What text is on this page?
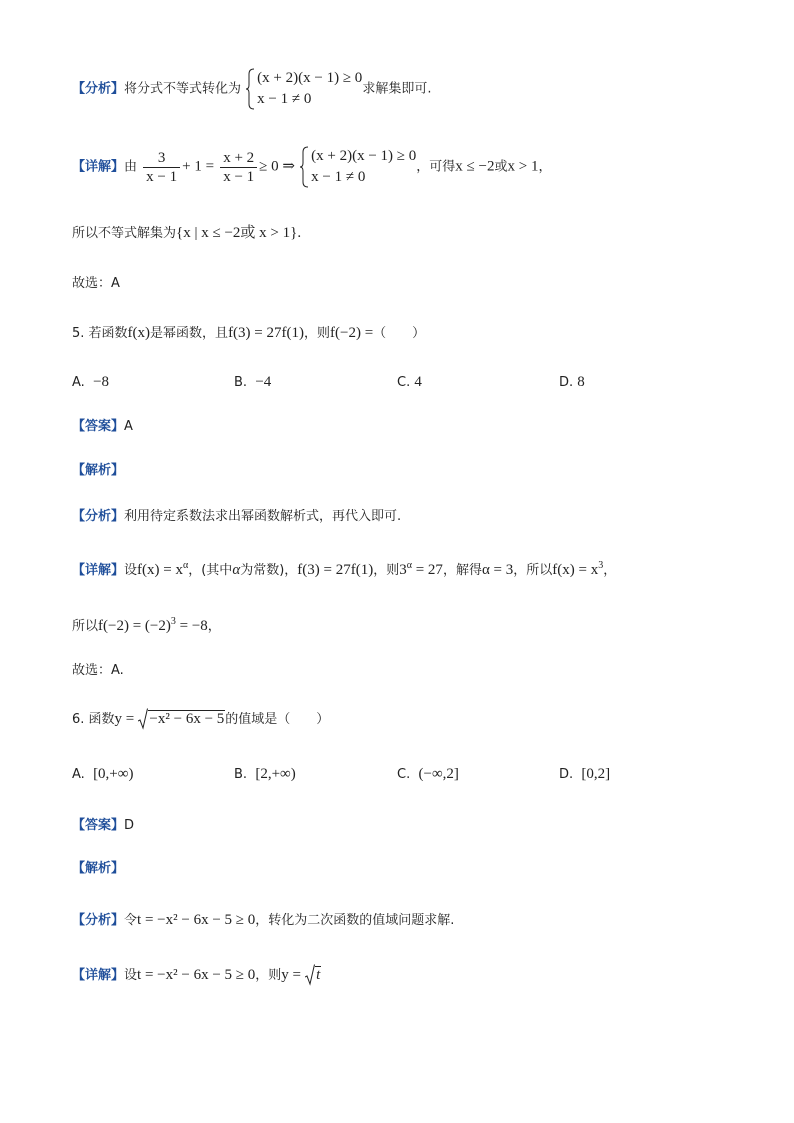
【分析】将分式不等式转化为
(x + 2)(x − 1) ≥ 0
x − 1 ≠ 0
求解集即可.
【详解】由 $\frac{3}{x - 1} + 1 = \frac{x + 2}{x - 1} \ge 0$ ⇒
(x + 2)(x − 1) ≥ 0
x − 1 ≠ 0
，可得x ≤ −2或x > 1，
所以不等式解集为{x | x ≤ −2或 x > 1}.
故选：A
5. 若函数f(x)是幂函数，且f(3) = 27f(1)，则f(−2) =（　　）
A. −8	B. −4	C. 4	D. 8
【答案】A
【解析】
【分析】利用待定系数法求出幂函数解析式，再代入即可.
【详解】设$f(x) = x^\alpha$，(其中α为常数)，f(3) = 27f(1)，则$3^\alpha = 27$，解得α = 3，所以$f(x) = x^3$，
所以$f(-2) = (-2)^3 = -8$，
故选：A.
6. 函数y = −x² − 6x − 5的值域是（　　）
A. [0,+∞)	B. [2,+∞)	C. (−∞,2]	D. [0,2]
【答案】D
【解析】
【分析】令t = −x² − 6x − 5 ≥ 0，转化为二次函数的值域问题求解.
【详解】设t = −x² − 6x − 5 ≥ 0，则y = t
